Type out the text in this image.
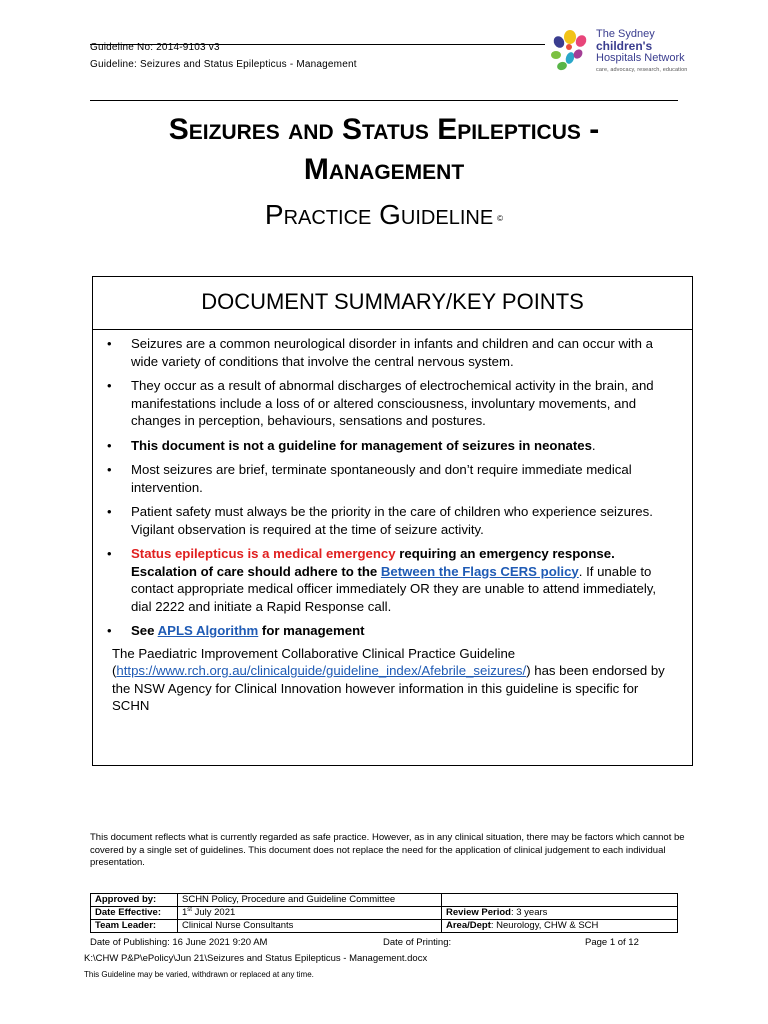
Guideline No: 2014-9103 v3
Guideline: Seizures and Status Epilepticus - Management
The Sydney
children's
Hospitals Network
care, advocacy, research, education
Seizures and Status Epilepticus -
Management
Practice Guideline ©
DOCUMENT SUMMARY/KEY POINTS
• Seizures are a common neurological disorder in infants and children and can occur with a wide variety of conditions that involve the central nervous system.
• They occur as a result of abnormal discharges of electrochemical activity in the brain, and manifestations include a loss of or altered consciousness, involuntary movements, and changes in perception, behaviours, sensations and postures.
• This document is not a guideline for management of seizures in neonates.
• Most seizures are brief, terminate spontaneously and don’t require immediate medical intervention.
• Patient safety must always be the priority in the care of children who experience seizures. Vigilant observation is required at the time of seizure activity.
• Status epilepticus is a medical emergency requiring an emergency response. Escalation of care should adhere to the Between the Flags CERS policy. If unable to contact appropriate medical officer immediately OR they are unable to attend immediately, dial 2222 and initiate a Rapid Response call.
• See APLS Algorithm for management
The Paediatric Improvement Collaborative Clinical Practice Guideline (https://www.rch.org.au/clinicalguide/guideline_index/Afebrile_seizures/) has been endorsed by the NSW Agency for Clinical Innovation however information in this guideline is specific for SCHN
This document reflects what is currently regarded as safe practice. However, as in any clinical situation, there may be factors which cannot be covered by a single set of guidelines. This document does not replace the need for the application of clinical judgement to each individual presentation.
Approved by:	SCHN Policy, Procedure and Guideline Committee	
Date Effective:	1st July 2021	Review Period: 3 years
Team Leader:	Clinical Nurse Consultants	Area/Dept: Neurology, CHW & SCH
Date of Publishing: 16 June 2021 9:20 AM	Date of Printing:	Page 1 of 12
K:\CHW P&P\ePolicy\Jun 21\Seizures and Status Epilepticus - Management.docx
This Guideline may be varied, withdrawn or replaced at any time.
